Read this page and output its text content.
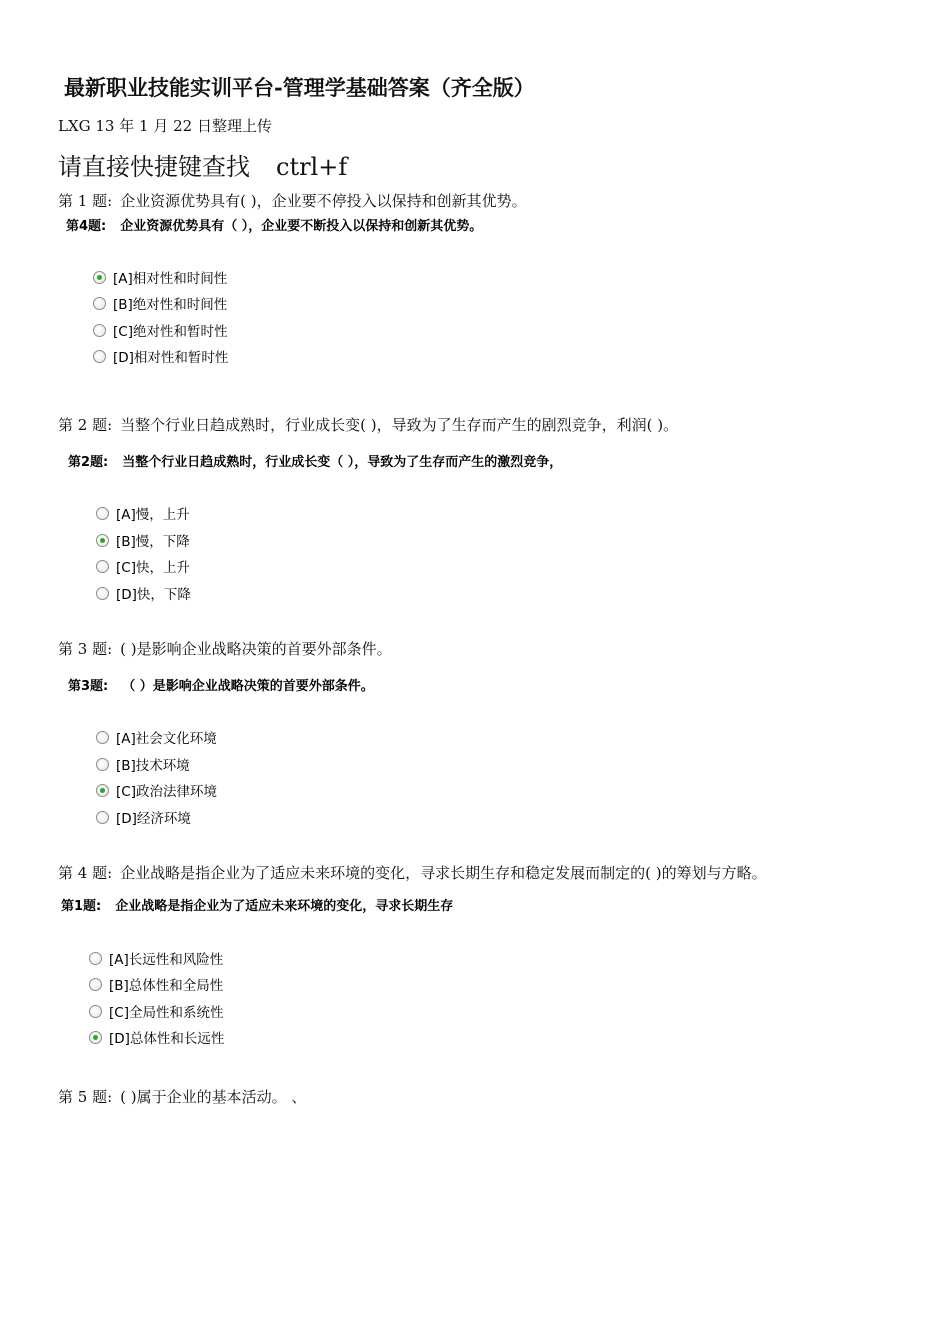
最新职业技能实训平台-管理学基础答案（齐全版）
LXG 13 年 1 月 22 日整理上传
请直接快捷键查找 ctrl+f
第 1 题: 企业资源优势具有( )，企业要不停投入以保持和创新其优势。
第4题: 企业资源优势具有（ ），企业要不断投入以保持和创新其优势。
[A]相对性和时间性
[B]绝对性和时间性
[C]绝对性和暂时性
[D]相对性和暂时性
第 2 题: 当整个行业日趋成熟时，行业成长变( )，导致为了生存而产生的剧烈竞争，利润( )。
第2题: 当整个行业日趋成熟时，行业成长变（ ），导致为了生存而产生的激烈竞争，
[A]慢，上升
[B]慢，下降
[C]快，上升
[D]快，下降
第 3 题: ( )是影响企业战略决策的首要外部条件。
第3题: （ ）是影响企业战略决策的首要外部条件。
[A]社会文化环境
[B]技术环境
[C]政治法律环境
[D]经济环境
第 4 题: 企业战略是指企业为了适应未来环境的变化，寻求长期生存和稳定发展而制定的( )的筹划与方略。
第1题: 企业战略是指企业为了适应未来环境的变化，寻求长期生存
[A]长远性和风险性
[B]总体性和全局性
[C]全局性和系统性
[D]总体性和长远性
第 5 题: ( )属于企业的基本活动。 、
